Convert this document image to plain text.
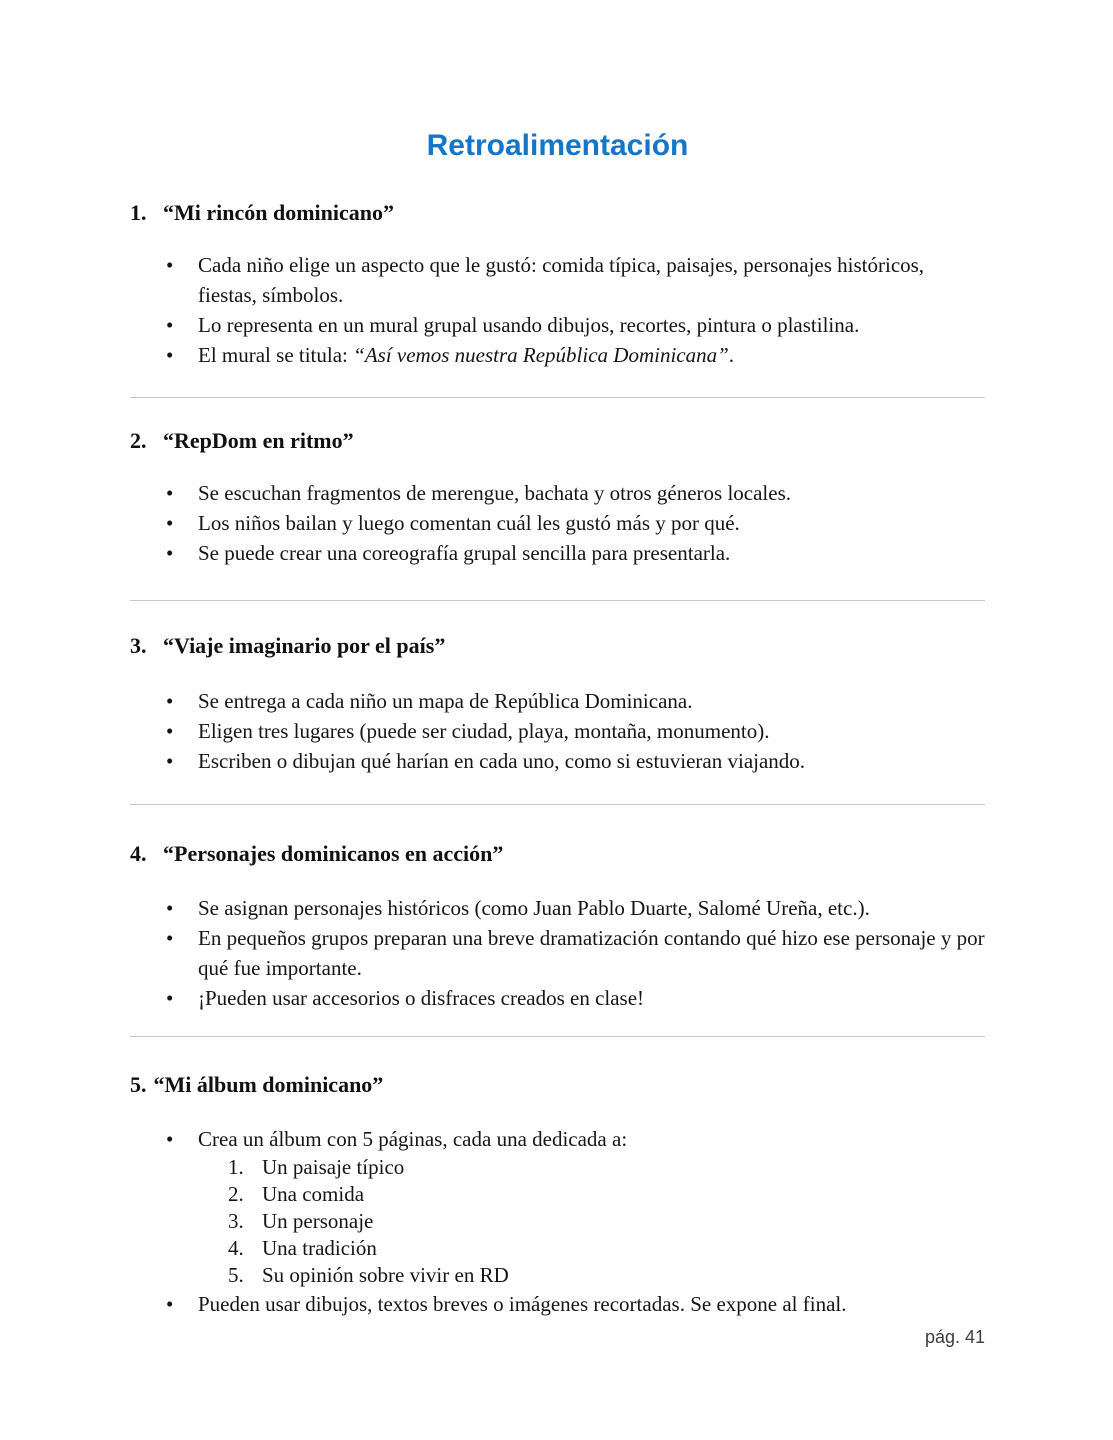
Retroalimentación
1. “Mi rincón dominicano”
•	Cada niño elige un aspecto que le gustó: comida típica, paisajes, personajes históricos, fiestas, símbolos.
•	Lo representa en un mural grupal usando dibujos, recortes, pintura o plastilina.
•	El mural se titula: “Así vemos nuestra República Dominicana”.
2. “RepDom en ritmo”
•	Se escuchan fragmentos de merengue, bachata y otros géneros locales.
•	Los niños bailan y luego comentan cuál les gustó más y por qué.
•	Se puede crear una coreografía grupal sencilla para presentarla.
3. “Viaje imaginario por el país”
•	Se entrega a cada niño un mapa de República Dominicana.
•	Eligen tres lugares (puede ser ciudad, playa, montaña, monumento).
•	Escriben o dibujan qué harían en cada uno, como si estuvieran viajando.
4. “Personajes dominicanos en acción”
•	Se asignan personajes históricos (como Juan Pablo Duarte, Salomé Ureña, etc.).
•	En pequeños grupos preparan una breve dramatización contando qué hizo ese personaje y por qué fue importante.
•	¡Pueden usar accesorios o disfraces creados en clase!
5. “Mi álbum dominicano”
•	Crea un álbum con 5 páginas, cada una dedicada a:
1. Un paisaje típico
2. Una comida
3. Un personaje
4. Una tradición
5. Su opinión sobre vivir en RD
•	Pueden usar dibujos, textos breves o imágenes recortadas. Se expone al final.
pág. 41
